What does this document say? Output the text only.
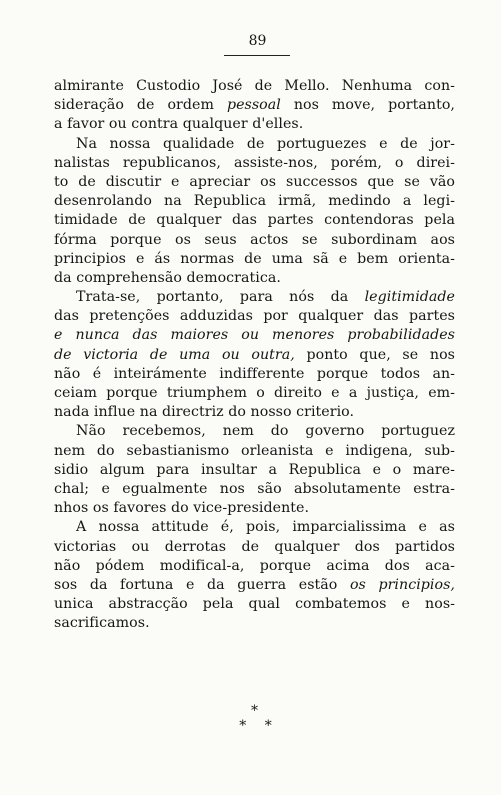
89
almirante Custodio José de Mello. Nenhuma con-
sideração de ordem pessoal nos move, portanto,
a favor ou contra qualquer d'elles.
Na nossa qualidade de portuguezes e de jor-
nalistas republicanos, assiste-nos, porém, o direi-
to de discutir e apreciar os successos que se vão
desenrolando na Republica irmã, medindo a legi-
timidade de qualquer das partes contendoras pela
fórma porque os seus actos se subordinam aos
principios e ás normas de uma sã e bem orienta-
da comprehensão democratica.
Trata-se, portanto, para nós da legitimidade
das pretenções adduzidas por qualquer das partes
e nunca das maiores ou menores probabilidades
de victoria de uma ou outra, ponto que, se nos
não é inteirámente indifferente porque todos an-
ceiam porque triumphem o direito e a justiça, em-
nada influe na directriz do nosso criterio.
Não recebemos, nem do governo portuguez
nem do sebastianismo orleanista e indigena, sub-
sidio algum para insultar a Republica e o mare-
chal; e egualmente nos são absolutamente estra-
nhos os favores do vice-presidente.
A nossa attitude é, pois, imparcialissima e as
victorias ou derrotas de qualquer dos partidos
não pódem modifical-a, porque acima dos aca-
sos da fortuna e da guerra estão os principios,
unica abstracção pela qual combatemos e nos-
sacrificamos.
*
* *
